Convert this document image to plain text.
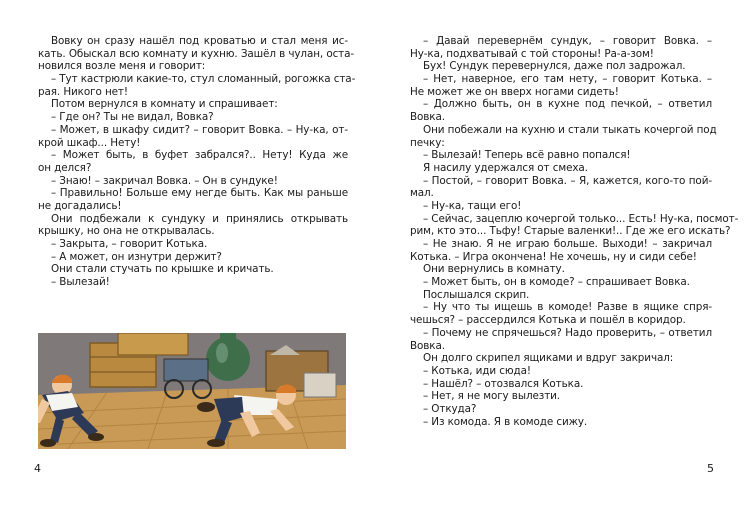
Вовку он сразу нашёл под кроватью и стал меня ис-
кать. Обыскал всю комнату и кухню. Зашёл в чулан, оста-
новился возле меня и говорит:
– Тут кастрюли какие-то, стул сломанный, рогожка ста-
рая. Никого нет!
Потом вернулся в комнату и спрашивает:
– Где он? Ты не видал, Вовка?
– Может, в шкафу сидит? – говорит Вовка. – Ну-ка, от-
крой шкаф... Нету!
– Может быть, в буфет забрался?.. Нету! Куда же
он делся?
– Знаю! – закричал Вовка. – Он в сундуке!
– Правильно! Больше ему негде быть. Как мы раньше
не догадались!
Они подбежали к сундуку и принялись открывать
крышку, но она не открывалась.
– Закрыта, – говорит Котька.
– А может, он изнутри держит?
Они стали стучать по крышке и кричать.
– Вылезай!
4
– Давай перевернём сундук, – говорит Вовка. –
Ну-ка, подхватывай с той стороны! Ра-а-зом!
Бух! Сундук перевернулся, даже пол задрожал.
– Нет, наверное, его там нету, – говорит Котька. –
Не может же он вверх ногами сидеть!
– Должно быть, он в кухне под печкой, – ответил
Вовка.
Они побежали на кухню и стали тыкать кочергой под
печку:
– Вылезай! Теперь всё равно попался!
Я насилу удержался от смеха.
– Постой, – говорит Вовка. – Я, кажется, кого-то пой-
мал.
– Ну-ка, тащи его!
– Сейчас, зацеплю кочергой только... Есть! Ну-ка, посмот-
рим, кто это... Тьфу! Старые валенки!.. Где же его искать?
– Не знаю. Я не играю больше. Выходи! – закричал
Котька. – Игра окончена! Не хочешь, ну и сиди себе!
Они вернулись в комнату.
– Может быть, он в комоде? – спрашивает Вовка.
Послышался скрип.
– Ну что ты ищешь в комоде! Разве в ящике спря-
чешься? – рассердился Котька и пошёл в коридор.
– Почему не спрячешься? Надо проверить, – ответил
Вовка.
Он долго скрипел ящиками и вдруг закричал:
– Котька, иди сюда!
– Нашёл? – отозвался Котька.
– Нет, я не могу вылезти.
– Откуда?
– Из комода. Я в комоде сижу.
5
